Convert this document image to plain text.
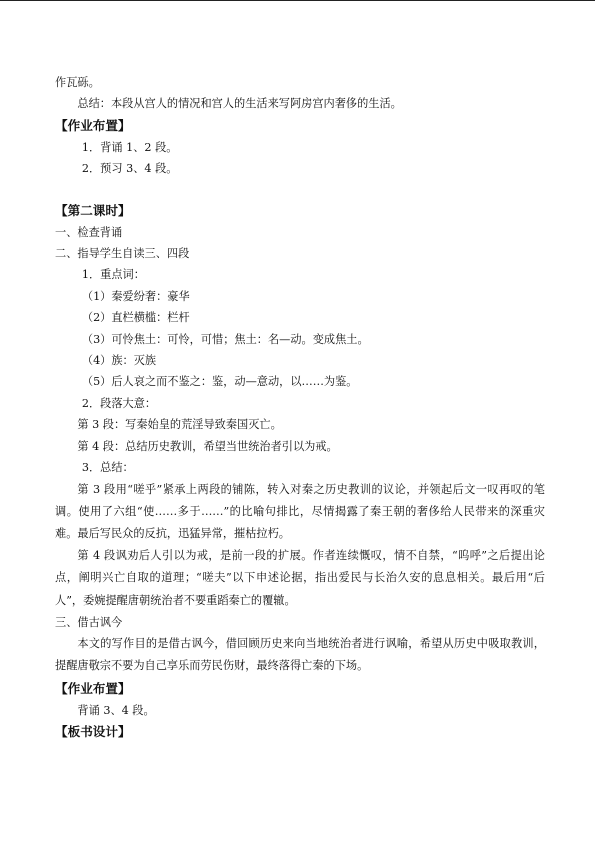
作瓦砾。
总结：本段从宫人的情况和宫人的生活来写阿房宫内奢侈的生活。
【作业布置】
1．背诵 1、2 段。
2．预习 3、4 段。
【第二课时】
一、检查背诵
二、指导学生自读三、四段
1．重点词：
（1）秦爱纷奢：豪华
（2）直栏横槛：栏杆
（3）可怜焦土：可怜，可惜；焦土：名—动。变成焦土。
（4）族：灭族
（5）后人哀之而不鉴之：鉴，动—意动，以……为鉴。
2．段落大意：
第 3 段：写秦始皇的荒淫导致秦国灭亡。
第 4 段：总结历史教训，希望当世统治者引以为戒。
3．总结：

第 3 段用“嗟乎”紧承上两段的铺陈，转入对秦之历史教训的议论，并领起后文一叹再叹的笔调。使用了六组“使……多于……”的比喻句排比，尽情揭露了秦王朝的奢侈给人民带来的深重灾难。最后写民众的反抗，迅猛异常，摧枯拉朽。

第 4 段讽劝后人引以为戒，是前一段的扩展。作者连续慨叹，情不自禁，“呜呼”之后提出论点，阐明兴亡自取的道理；“嗟夫”以下申述论据，指出爱民与长治久安的息息相关。最后用“后人”，委婉提醒唐朝统治者不要重蹈秦亡的覆辙。

三、借古讽今

本文的写作目的是借古讽今，借回顾历史来向当地统治者进行讽喻，希望从历史中吸取教训，提醒唐敬宗不要为自己享乐而劳民伤财，最终落得亡秦的下场。

【作业布置】
背诵 3、4 段。
【板书设计】
